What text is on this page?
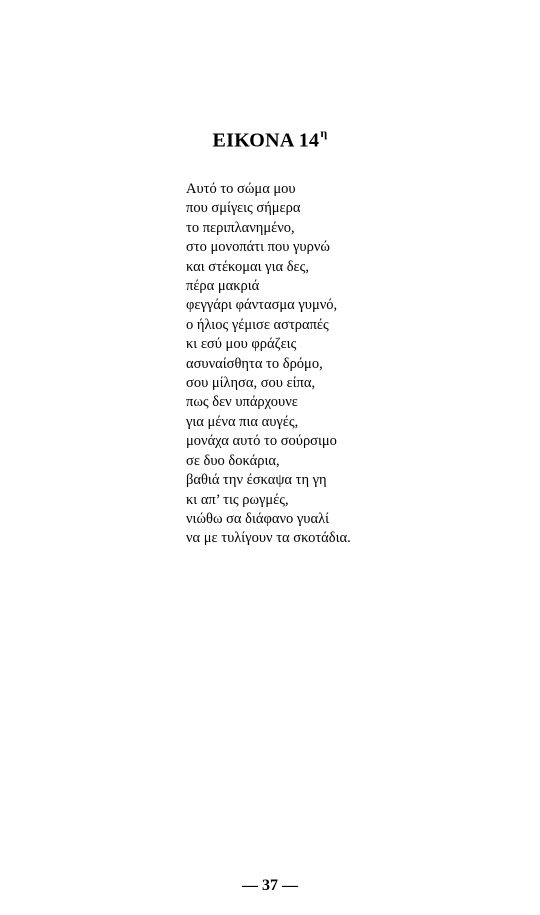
ΕΙΚΟΝΑ $14^\eta$
Αυτό το σώμα μου
που σμίγεις σήμερα
το περιπλανημένο,
στο μονοπάτι που γυρνώ
και στέκομαι για δες,
πέρα μακριά
φεγγάρι φάντασμα γυμνό,
ο ήλιος γέμισε αστραπές
κι εσύ μου φράζεις
ασυναίσθητα το δρόμο,
σου μίλησα, σου είπα,
πως δεν υπάρχουνε
για μένα πια αυγές,
μονάχα αυτό το σούρσιμο
σε δυο δοκάρια,
βαθιά την έσκαψα τη γη
κι απ’ τις ρωγμές,
νιώθω σα διάφανο γυαλί
να με τυλίγουν τα σκοτάδια.
— 37 —
